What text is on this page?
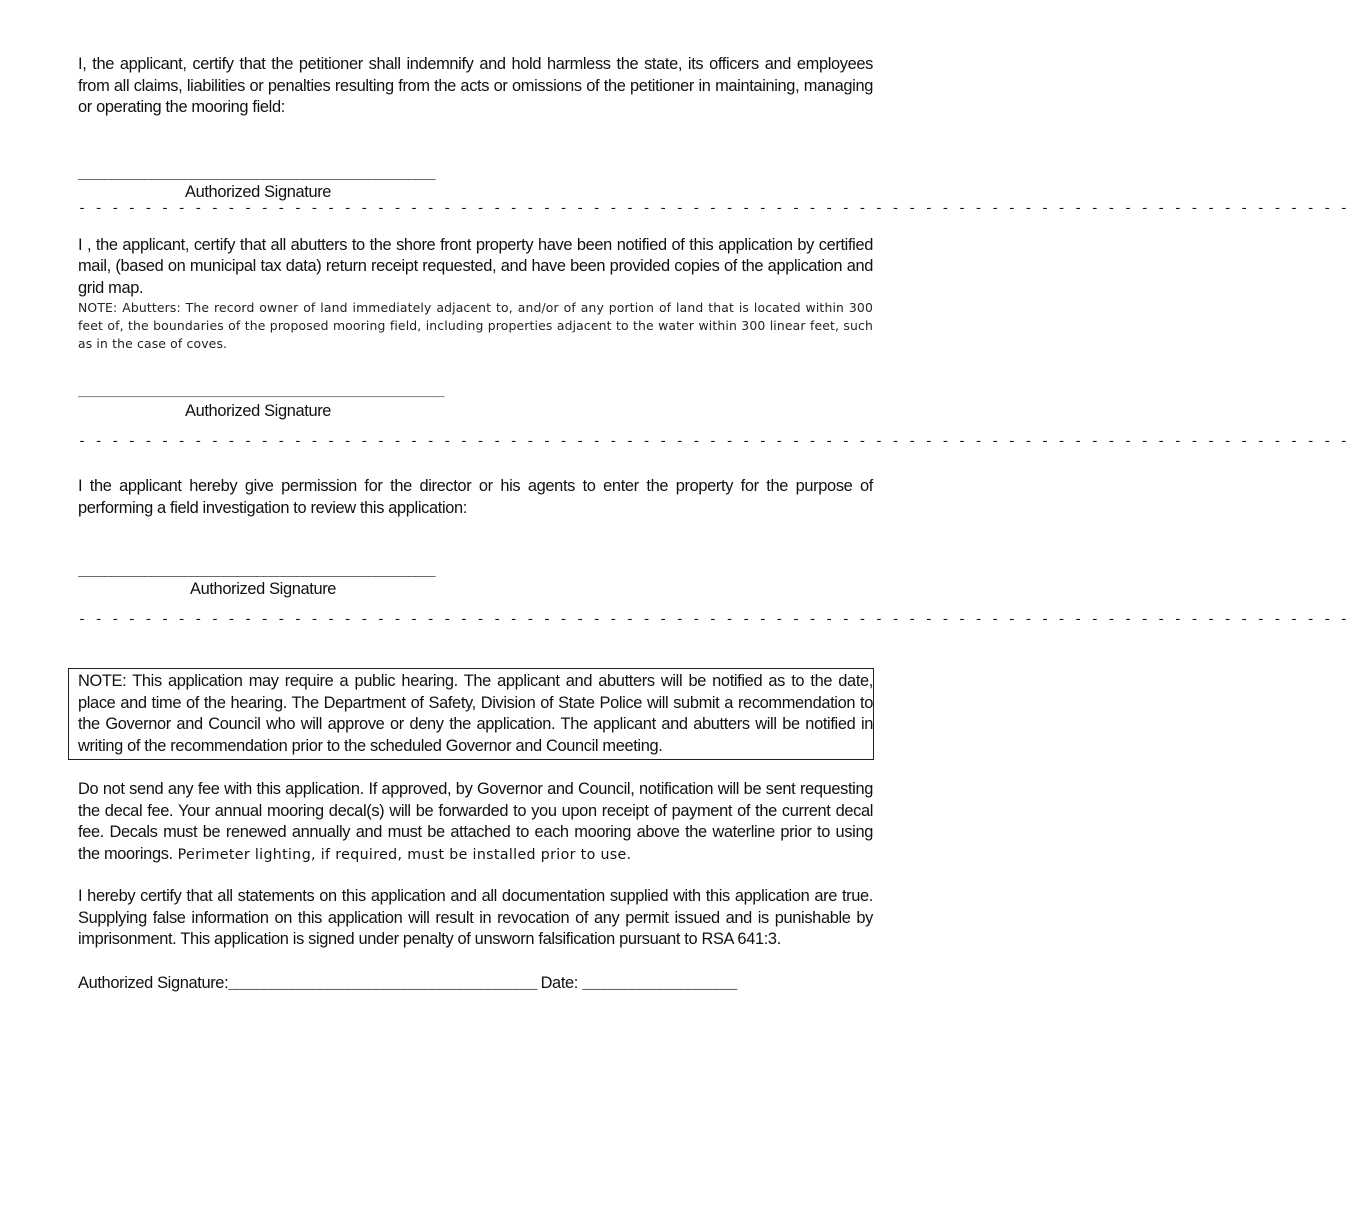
I, the applicant, certify that the petitioner shall indemnify and hold harmless the state, its officers and employees from all claims, liabilities or penalties resulting from the acts or omissions of the petitioner in maintaining, managing or operating the mooring field:

______________________________________________________
Authorized Signature
- - - - - - - - - - - - - - - - - - - - - - - - - - - - - - - - - - - - - - - - - - - - - - - - - - - - - - - - - - - - - - - - - - - - - - - - - - - - -

I , the applicant, certify that all abutters to the shore front property have been notified of this application by certified mail, (based on municipal tax data) return receipt requested, and have been provided copies of the application and grid map.

NOTE: Abutters: The record owner of land immediately adjacent to, and/or of any portion of land that is located within 300 feet of, the boundaries of the proposed mooring field, including properties adjacent to the water within 300 linear feet, such as in the case of coves.

_____________________________________________________________
Authorized Signature
- - - - - - - - - - - - - - - - - - - - - - - - - - - - - - - - - - - - - - - - - - - - - - - - - - - - - - - - - - - - - - - - - - - - - - - - - - - - -

I the applicant hereby give permission for the director or his agents to enter the property for the purpose of performing a field investigation to review this application:

______________________________________________________
Authorized Signature
- - - - - - - - - - - - - - - - - - - - - - - - - - - - - - - - - - - - - - - - - - - - - - - - - - - - - - - - - - - - - - - - - - - - - - - - - - - - -

NOTE: This application may require a public hearing. The applicant and abutters will be notified as to the date, place and time of the hearing. The Department of Safety, Division of State Police will submit a recommendation to the Governor and Council who will approve or deny the application. The applicant and abutters will be notified in writing of the recommendation prior to the scheduled Governor and Council meeting.

Do not send any fee with this application. If approved, by Governor and Council, notification will be sent requesting the decal fee. Your annual mooring decal(s) will be forwarded to you upon receipt of payment of the current decal fee. Decals must be renewed annually and must be attached to each mooring above the waterline prior to using the moorings. Perimeter lighting, if required, must be installed prior to use.

I hereby certify that all statements on this application and all documentation supplied with this application are true. Supplying false information on this application will result in revocation of any permit issued and is punishable by imprisonment. This application is signed under penalty of unsworn falsification pursuant to RSA 641:3.

Authorized Signature:____________________________________________ Date: ______________________
